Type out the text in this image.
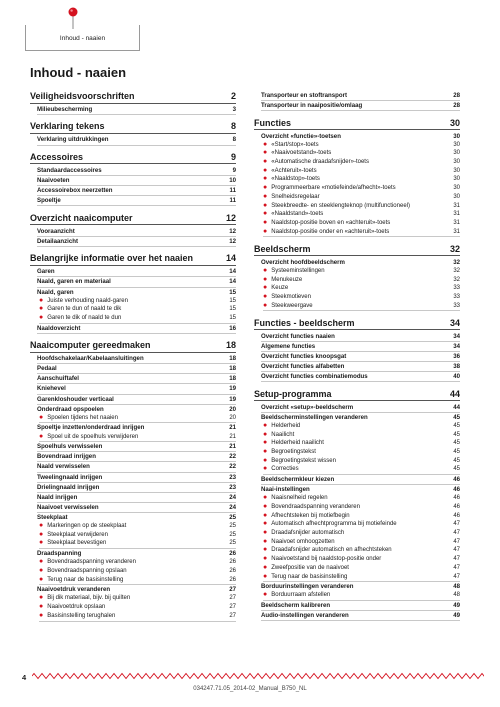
Inhoud - naaien
Inhoud - naaien
Veiligheidsvoorschriften	2
Milieubescherming	3
Verklaring tekens	8
Verklaring uitdrukkingen	8
Accessoires	9
Standaardaccessoires	9
Naaivoeten	10
Accessoirebox neerzetten	11
Spoeltje	11
Overzicht naaicomputer	12
Vooraanzicht	12
Detailaanzicht	12
Belangrijke informatie over het naaien	14
Garen	14
Naald, garen en materiaal	14
Naald, garen	15
● Juiste verhouding naald-garen	15
● Garen te dun of naald te dik	15
● Garen te dik of naald te dun	15
Naaldoverzicht	16
Naaicomputer gereedmaken	18
Hoofdschakelaar/Kabelaansluitingen	18
Pedaal	18
Aanschuiftafel	18
Kniehevel	19
Garenkloshouder verticaal	19
Onderdraad opspoelen	20
● Spoelen tijdens het naaien	20
Spoeltje inzetten/onderdraad inrijgen	21
● Spoel uit de spoelhuls verwijderen	21
Spoelhuls verwisselen	21
Bovendraad inrijgen	22
Naald verwisselen	22
Tweelingnaald inrijgen	23
Drielingnaald inrijgen	23
Naald inrijgen	24
Naaivoet verwisselen	24
Steekplaat	25
● Markeringen op de steekplaat	25
● Steekplaat verwijderen	25
● Steekplaat bevestigen	25
Draadspanning	26
● Bovendraadspanning veranderen	26
● Bovendraadspanning opslaan	26
● Terug naar de basisinstelling	26
Naaivoetdruk veranderen	27
● Bij dik materiaal, bijv. bij quilten	27
● Naaivoetdruk opslaan	27
● Basisinstelling terughalen	27
Transporteur en stoftransport	28
Transporteur in naaipositie/omlaag	28
Functies	30
Overzicht «functie»-toetsen	30
● «Start/stop»-toets	30
● «Naaivoetstand»-toets	30
● «Automatische draadafsnijder»-toets	30
● «Achteruit»-toets	30
● «Naaldstop»-toets	30
● Programmeerbare «motiefeinde/afhecht»-toets	30
● Snelheidsregelaar	30
● Steekbreedte- en steeklengteknop (multifunctioneel)	31
● «Naaldstand»-toets	31
● Naaldstop-positie boven en «achteruit»-toets	31
● Naaldstop-positie onder en «achteruit»-toets	31
Beeldscherm	32
Overzicht hoofdbeeldscherm	32
● Systeeminstellingen	32
● Menukeuze	32
● Keuze	33
● Steekmotieven	33
● Steekweergave	33
Functies - beeldscherm	34
Overzicht functies naaien	34
Algemene functies	34
Overzicht functies knoopsgat	36
Overzicht functies alfabetten	38
Overzicht functies combinatiemodus	40
Setup-programma	44
Overzicht «setup»-beeldscherm	44
Beeldscherminstellingen veranderen	45
● Helderheid	45
● Naailicht	45
● Helderheid naailicht	45
● Begroetingstekst	45
● Begroetingstekst wissen	45
● Correcties	45
Beeldschermkleur kiezen	46
Naai-instellingen	46
● Naaisnelheid regelen	46
● Bovendraadspanning veranderen	46
● Afhechtsteken bij motiefbegin	46
● Automatisch afhechtprogramma bij motiefeinde	47
● Draadafsnijder automatisch	47
● Naaivoet omhoogzetten	47
● Draadafsnijder automatisch en afhechtsteken	47
● Naaivoetstand bij naaldstop-positie onder	47
● Zweefpositie van de naaivoet	47
● Terug naar de basisinstelling	47
Borduurinstellingen veranderen	48
● Borduurraam afstellen	48
Beeldscherm kalibreren	49
Audio-instellingen veranderen	49
4
034247.71.05_2014-02_Manual_B750_NL
